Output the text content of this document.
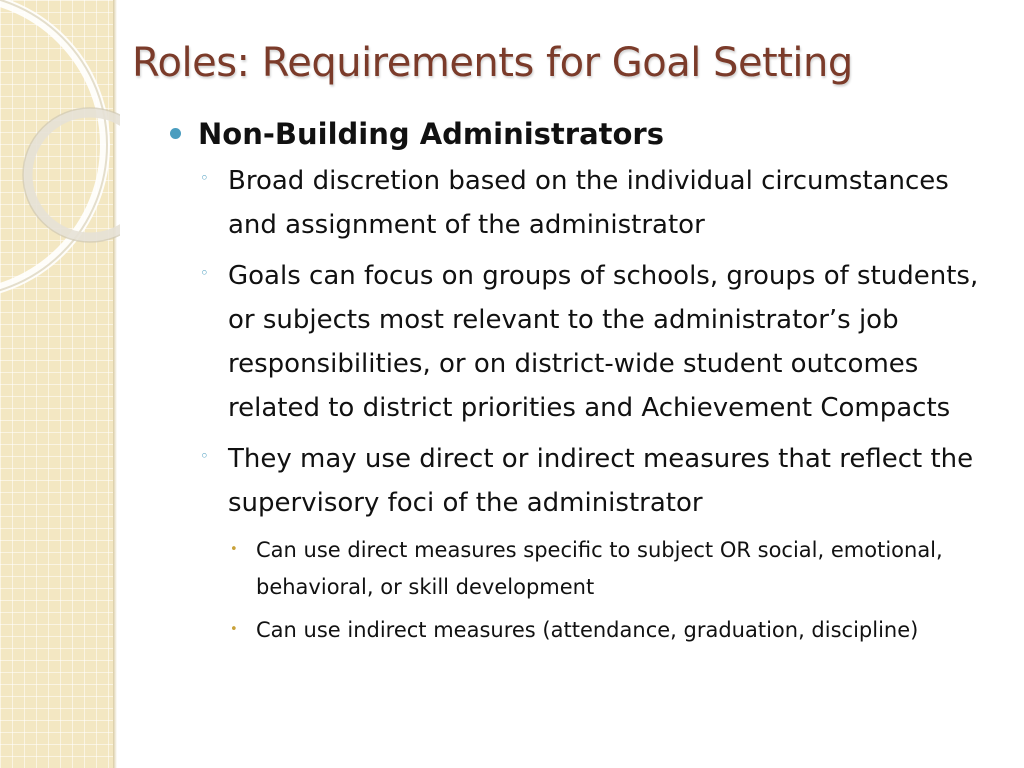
Roles: Requirements for Goal Setting
Non-Building Administrators
◦ Broad discretion based on the individual circumstances and assignment of the administrator
◦ Goals can focus on groups of schools, groups of students, or subjects most relevant to the administrator’s job responsibilities, or on district-wide student outcomes related to district priorities and Achievement Compacts
◦ They may use direct or indirect measures that reflect the supervisory foci of the administrator
• Can use direct measures specific to subject OR social, emotional, behavioral, or skill development
• Can use indirect measures (attendance, graduation, discipline)
